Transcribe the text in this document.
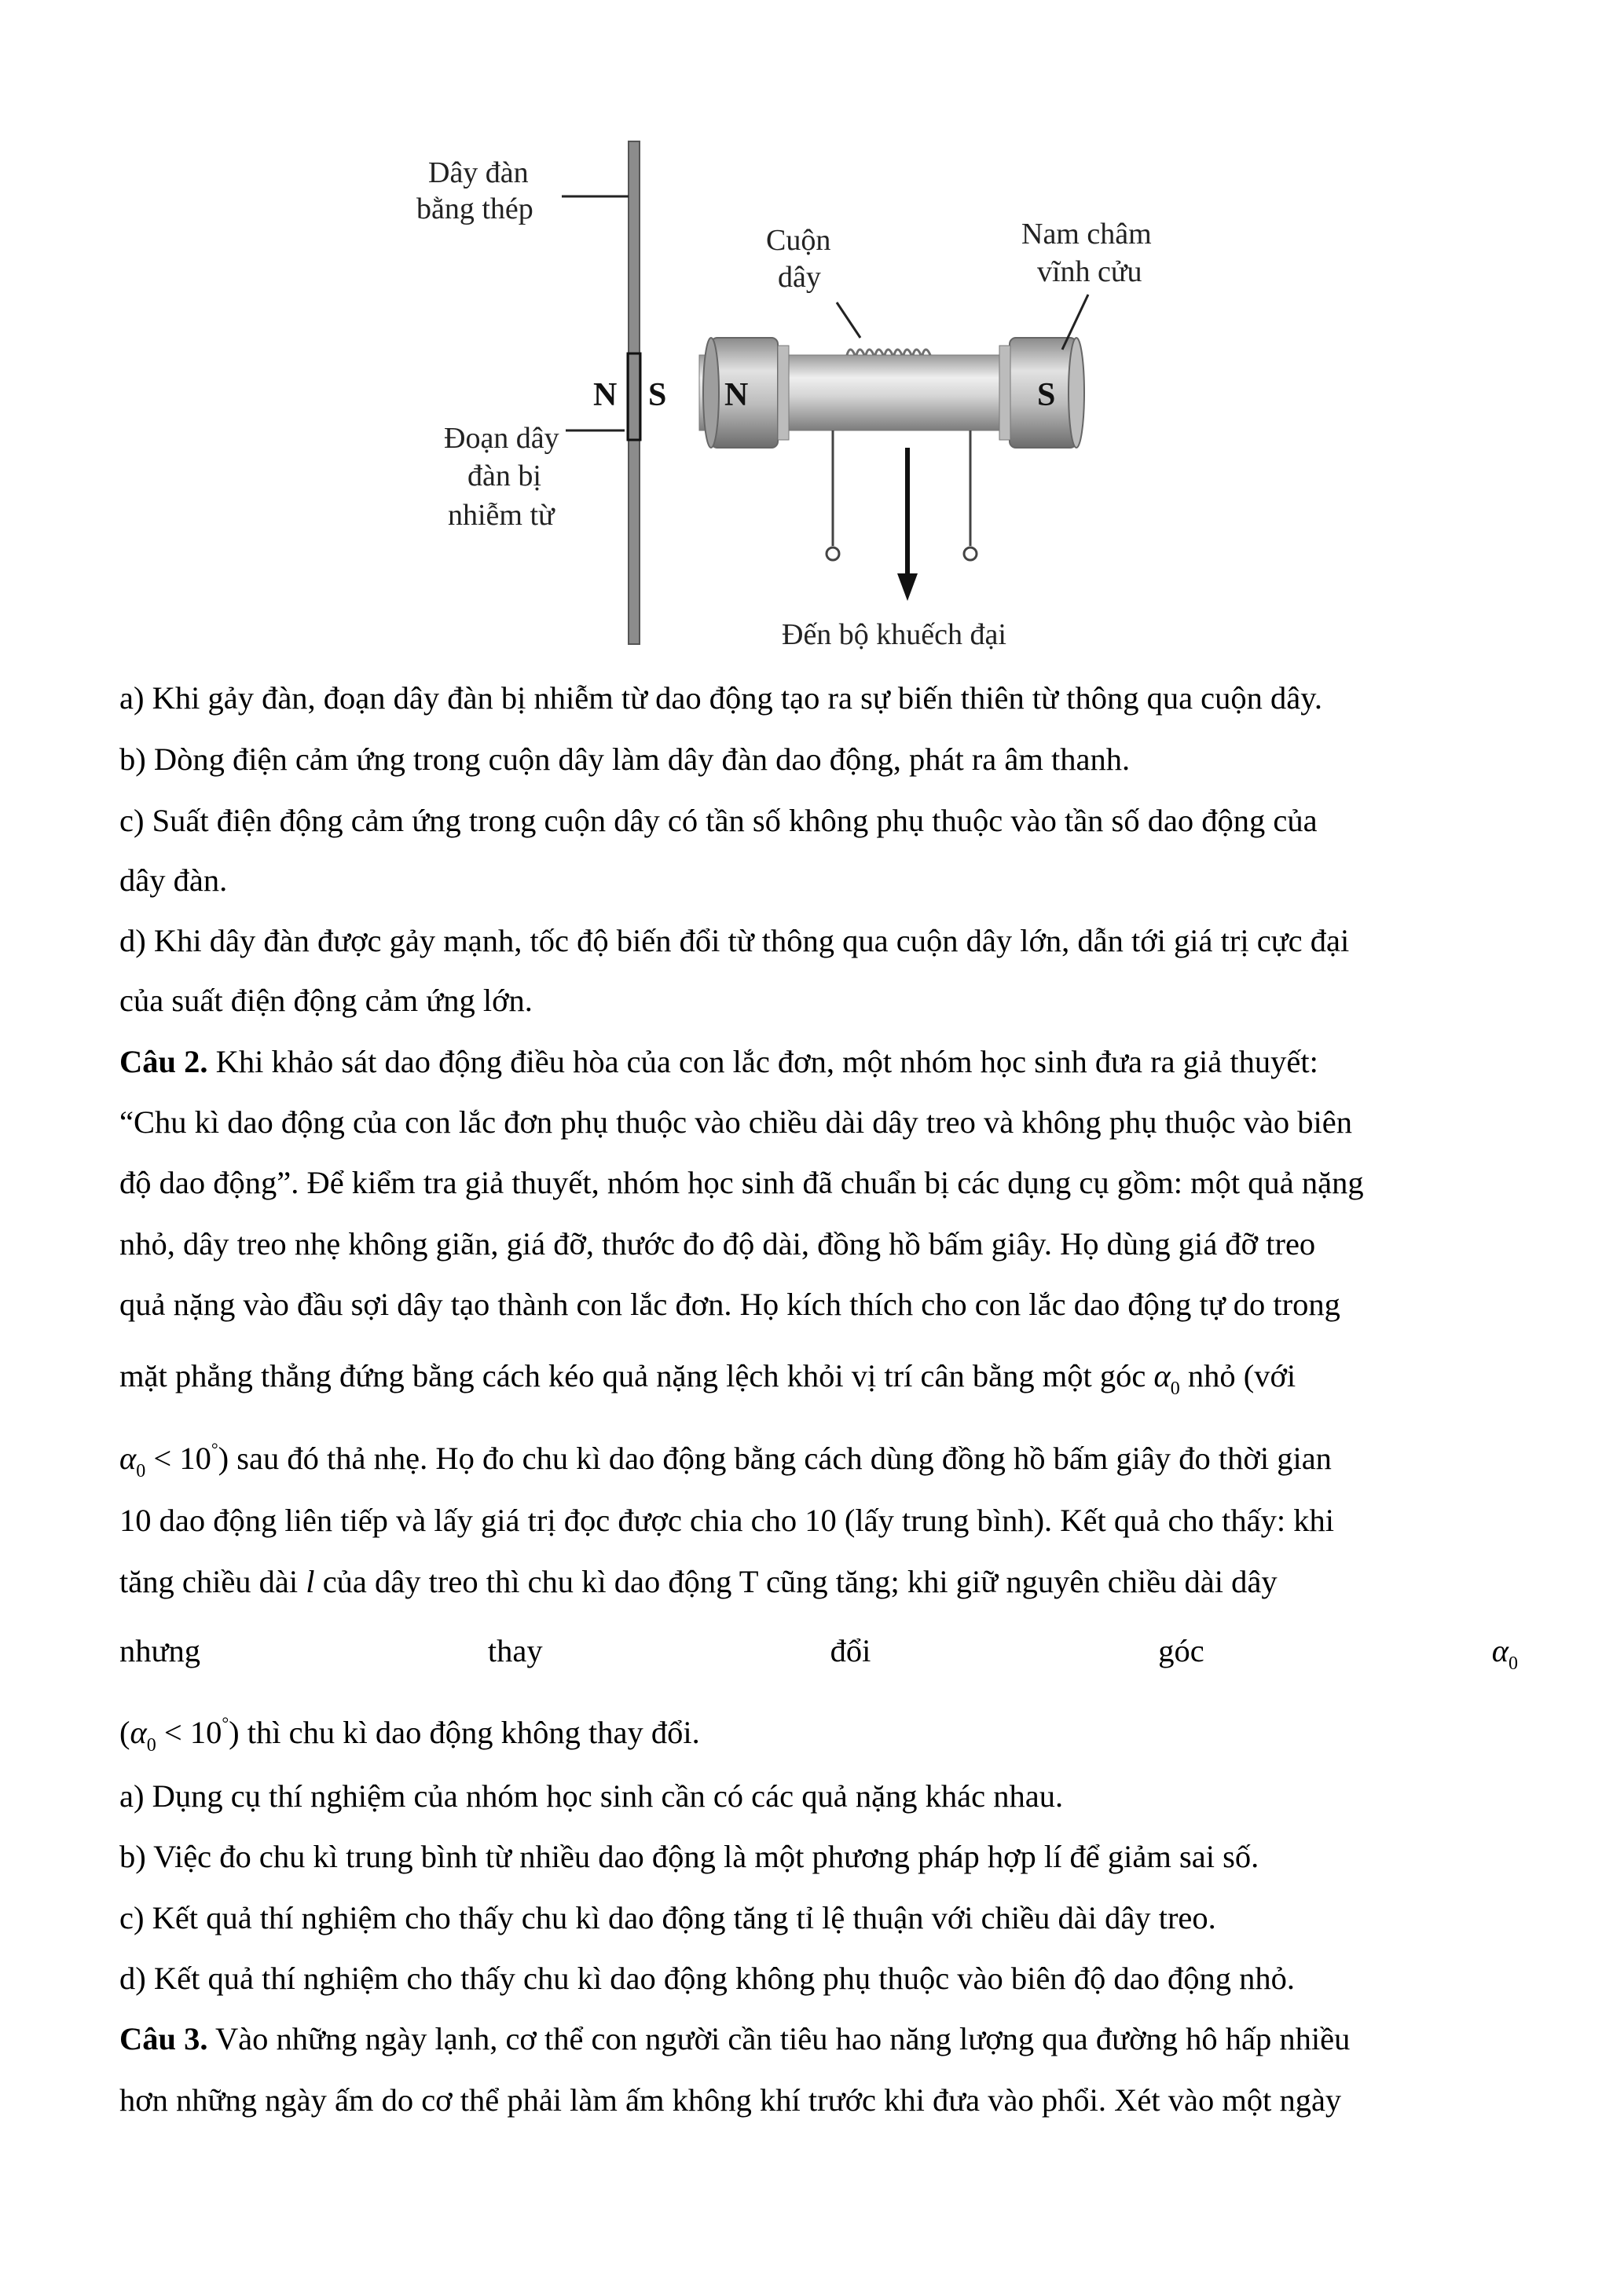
Dây đàn
bằng thép
Cuộn
dây
Nam châm
vĩnh cửu
Đoạn dây
đàn bị
nhiễm từ
N S N	S
Đến bộ khuếch đại
a) Khi gảy đàn, đoạn dây đàn bị nhiễm từ dao động tạo ra sự biến thiên từ thông qua cuộn dây.
b) Dòng điện cảm ứng trong cuộn dây làm dây đàn dao động, phát ra âm thanh.
c) Suất điện động cảm ứng trong cuộn dây có tần số không phụ thuộc vào tần số dao động của
dây đàn.
d) Khi dây đàn được gảy mạnh, tốc độ biến đổi từ thông qua cuộn dây lớn, dẫn tới giá trị cực đại
của suất điện động cảm ứng lớn.
Câu 2. Khi khảo sát dao động điều hòa của con lắc đơn, một nhóm học sinh đưa ra giả thuyết:
“Chu kì dao động của con lắc đơn phụ thuộc vào chiều dài dây treo và không phụ thuộc vào biên
độ dao động”. Để kiểm tra giả thuyết, nhóm học sinh đã chuẩn bị các dụng cụ gồm: một quả nặng
nhỏ, dây treo nhẹ không giãn, giá đỡ, thước đo độ dài, đồng hồ bấm giây. Họ dùng giá đỡ treo
quả nặng vào đầu sợi dây tạo thành con lắc đơn. Họ kích thích cho con lắc dao động tự do trong
mặt phẳng thẳng đứng bằng cách kéo quả nặng lệch khỏi vị trí cân bằng một góc $\alpha_0$ nhỏ (với
$\alpha_0 < 10^\circ$) sau đó thả nhẹ. Họ đo chu kì dao động bằng cách dùng đồng hồ bấm giây đo thời gian
10 dao động liên tiếp và lấy giá trị đọc được chia cho 10 (lấy trung bình). Kết quả cho thấy: khi
tăng chiều dài l của dây treo thì chu kì dao động T cũng tăng; khi giữ nguyên chiều dài dây
nhưng	thay	đổi	góc	$\alpha_0$
$(\alpha_0 < 10^\circ)$ thì chu kì dao động không thay đổi.
a) Dụng cụ thí nghiệm của nhóm học sinh cần có các quả nặng khác nhau.
b) Việc đo chu kì trung bình từ nhiều dao động là một phương pháp hợp lí để giảm sai số.
c) Kết quả thí nghiệm cho thấy chu kì dao động tăng tỉ lệ thuận với chiều dài dây treo.
d) Kết quả thí nghiệm cho thấy chu kì dao động không phụ thuộc vào biên độ dao động nhỏ.
Câu 3. Vào những ngày lạnh, cơ thể con người cần tiêu hao năng lượng qua đường hô hấp nhiều
hơn những ngày ấm do cơ thể phải làm ấm không khí trước khi đưa vào phổi. Xét vào một ngày
